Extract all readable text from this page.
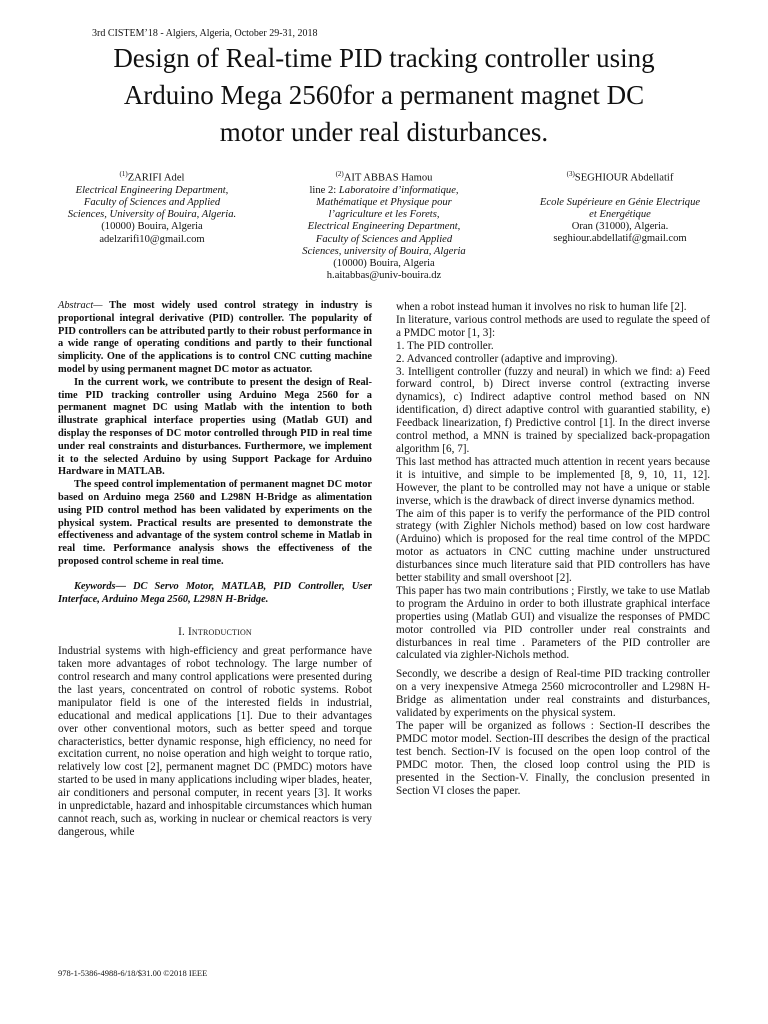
3rd CISTEM’18 - Algiers, Algeria, October 29-31, 2018
Design of Real-time PID tracking controller using
Arduino Mega 2560for a permanent magnet DC
motor under real disturbances.
$^{(1)}$ZARIFI Adel
Electrical Engineering Department,
Faculty of Sciences and Applied
Sciences, University of Bouira, Algeria.
(10000) Bouira, Algeria
adelzarifi10@gmail.com
$^{(2)}$AIT ABBAS Hamou
line 2: Laboratoire d’informatique,
Mathématique et Physique pour
l’agriculture et les Forets,
Electrical Engineering Department,
Faculty of Sciences and Applied
Sciences, university of Bouira, Algeria
(10000) Bouira, Algeria
h.aitabbas@univ-bouira.dz
$^{(3)}$SEGHIOUR Abdellatif
Ecole Supérieure en Génie Electrique
et Energétique
Oran (31000), Algeria.
seghiour.abdellatif@gmail.com

Abstract— The most widely used control strategy in industry is proportional integral derivative (PID) controller. The popularity of PID controllers can be attributed partly to their robust performance in a wide range of operating conditions and partly to their functional simplicity. One of the applications is to control CNC cutting machine model by using permanent magnet DC motor as actuator.

In the current work, we contribute to present the design of Real-time PID tracking controller using Arduino Mega 2560 for a permanent magnet DC using Matlab with the intention to both illustrate graphical interface properties using (Matlab GUI) and display the responses of DC motor controlled through PID in real time under real constraints and disturbances. Furthermore, we implement it to the selected Arduino by using Support Package for Arduino Hardware in MATLAB.

The speed control implementation of permanent magnet DC motor based on Arduino mega 2560 and L298N H-Bridge as alimentation using PID control method has been validated by experiments on the physical system. Practical results are presented to demonstrate the effectiveness and advantage of the system control scheme in Matlab in real time. Performance analysis shows the effectiveness of the proposed control scheme in real time.

Keywords— DC Servo Motor, MATLAB, PID Controller, User Interface, Arduino Mega 2560, L298N H-Bridge.

I. Introduction

Industrial systems with high-efficiency and great performance have taken more advantages of robot technology. The large number of control research and many control applications were presented during the last years, concentrated on control of robotic systems. Robot manipulator field is one of the interested fields in industrial, educational and medical applications [1]. Due to their advantages over other conventional motors, such as better speed and torque characteristics, better dynamic response, high efficiency, no need for excitation current, no noise operation and high weight to torque ratio, relatively low cost [2], permanent magnet DC (PMDC) motors have started to be used in many applications including wiper blades, heater, air conditioners and personal computer, in recent years [3]. It works in unpredictable, hazard and inhospitable circumstances which human cannot reach, such as, working in nuclear or chemical reactors is very dangerous, while

when a robot instead human it involves no risk to human life [2].

In literature, various control methods are used to regulate the speed of a PMDC motor [1, 3]:

1. The PID controller.

2. Advanced controller (adaptive and improving).

3. Intelligent controller (fuzzy and neural) in which we find: a) Feed forward control, b) Direct inverse control (extracting inverse dynamics), c) Indirect adaptive control method based on NN identification, d) direct adaptive control with guarantied stability, e) Feedback linearization, f) Predictive control [1]. In the direct inverse control method, a MNN is trained by specialized back-propagation algorithm [6, 7].

This last method has attracted much attention in recent years because it is intuitive, and simple to be implemented [8, 9, 10, 11, 12]. However, the plant to be controlled may not have a unique or stable inverse, which is the drawback of direct inverse dynamics method.

The aim of this paper is to verify the performance of the PID control strategy (with Zighler Nichols method) based on low cost hardware (Arduino) which is proposed for the real time control of the MPDC motor as actuators in CNC cutting machine under unstructured disturbances since much literature said that PID controllers has have better stability and small overshoot [2].

This paper has two main contributions ; Firstly, we take to use Matlab to program the Arduino in order to both illustrate graphical interface properties using (Matlab GUI) and visualize the responses of PMDC motor controlled via PID controller under real constraints and disturbances in real time . Parameters of the PID controller are calculated via zighler-Nichols method.

Secondly, we describe a design of Real-time PID tracking controller on a very inexpensive Atmega 2560 microcontroller and L298N H-Bridge as alimentation under real constraints and disturbances, validated by experiments on the physical system.

The paper will be organized as follows : Section-II describes the PMDC motor model. Section-III describes the design of the practical test bench. Section-IV is focused on the open loop control of the PMDC motor. Then, the closed loop control using the PID is presented in the Section-V. Finally, the conclusion presented in Section VI closes the paper.

978-1-5386-4988-6/18/$31.00 ©2018 IEEE
